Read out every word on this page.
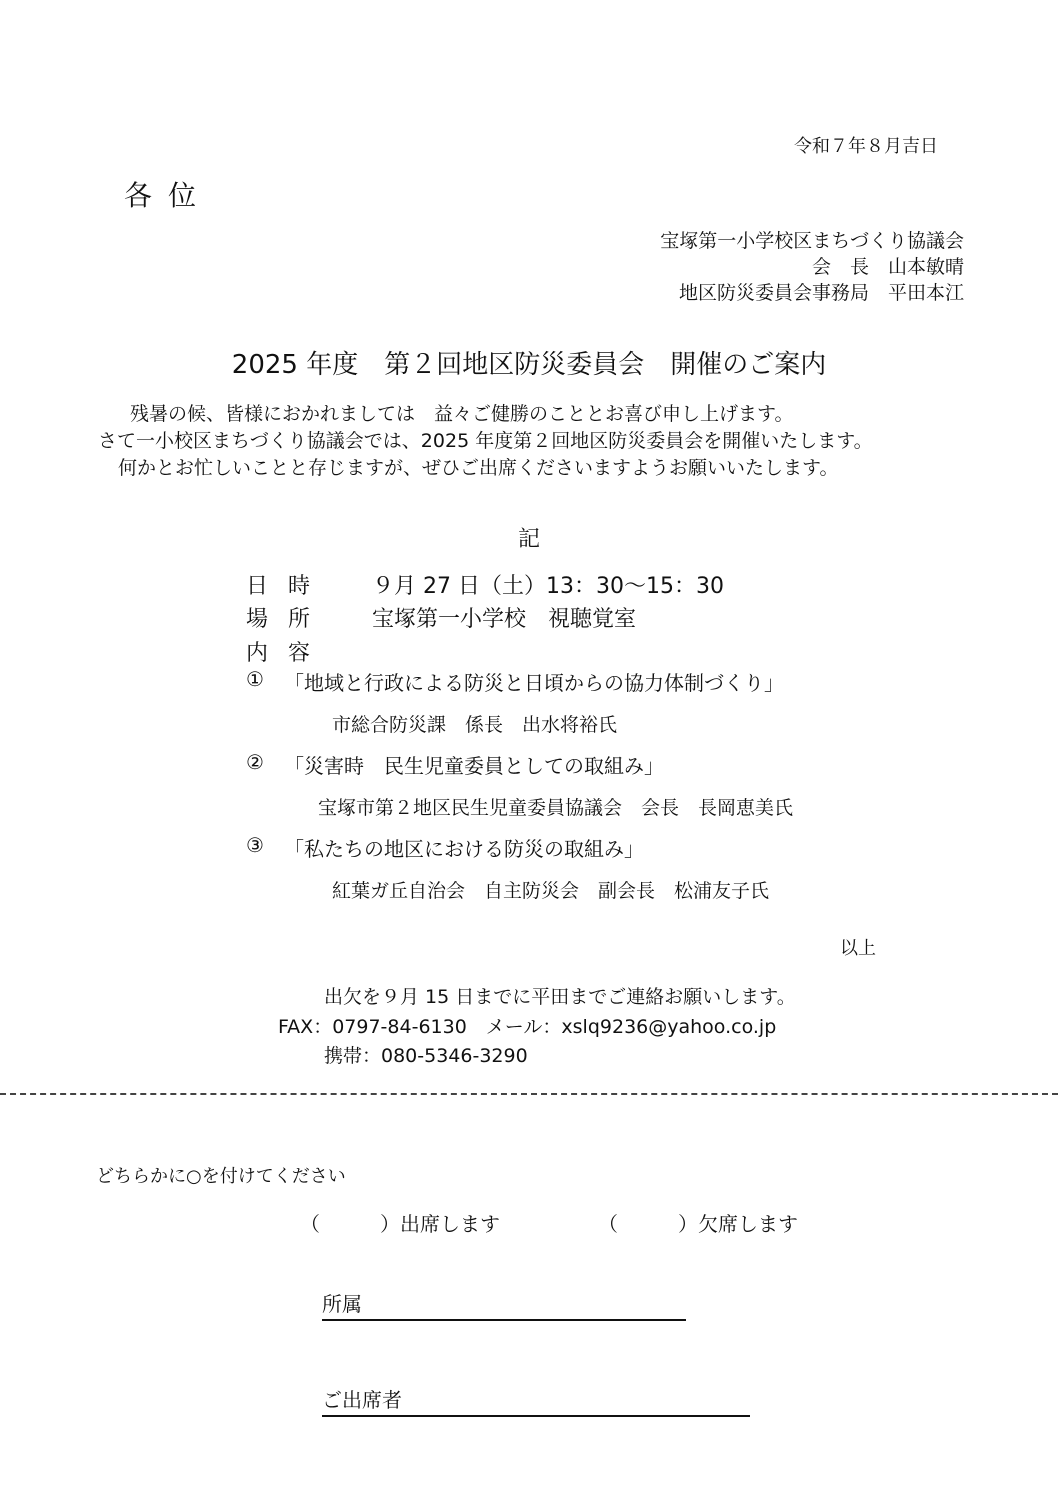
令和７年８月吉日
各位
宝塚第一小学校区まちづくり協議会
会　長　山本敏晴
地区防災委員会事務局　平田本江
2025 年度　第２回地区防災委員会　開催のご案内
残暑の候、皆様におかれましては　益々ご健勝のこととお喜び申し上げます。
さて一小校区まちづくり協議会では、2025 年度第２回地区防災委員会を開催いたします。
何かとお忙しいことと存じますが、ぜひご出席くださいますようお願いいたします。
記
日時 ９月 27 日（土）13：30～15：30
場所 宝塚第一小学校　視聴覚室
内容
① 「地域と行政による防災と日頃からの協力体制づくり」
市総合防災課　係長　出水将裕氏
② 「災害時　民生児童委員としての取組み」
宝塚市第２地区民生児童委員協議会　会長　長岡恵美氏
③ 「私たちの地区における防災の取組み」
紅葉ガ丘自治会　自主防災会　副会長　松浦友子氏
以上
出欠を９月 15 日までに平田までご連絡お願いします。
FAX：0797-84-6130　メール：xslq9236@yahoo.co.jp
携帯：080-5346-3290
どちらかに○を付けてください
（　　　）出席します	（　　　）欠席します
所属
ご出席者
